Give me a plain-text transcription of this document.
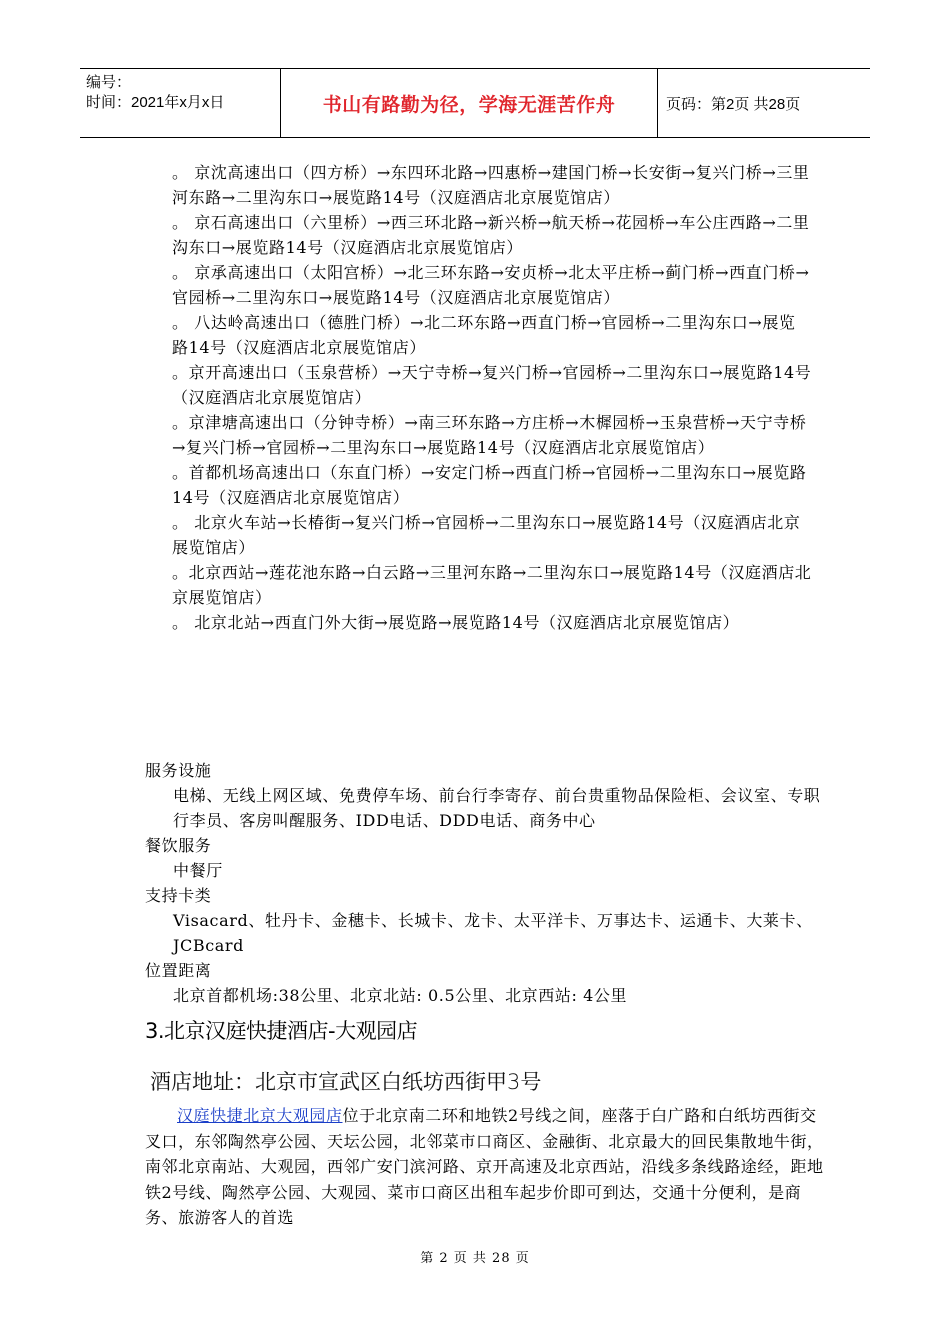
编号：
时间：2021年x月x日	书山有路勤为径，学海无涯苦作舟	页码：第2页 共28页

。 京沈高速出口（四方桥）→东四环北路→四惠桥→建国门桥→长安街→复兴门桥→三里河东路→二里沟东口→展览路14号（汉庭酒店北京展览馆店）

。 京石高速出口（六里桥）→西三环北路→新兴桥→航天桥→花园桥→车公庄西路→二里沟东口→展览路14号（汉庭酒店北京展览馆店）

。 京承高速出口（太阳宫桥）→北三环东路→安贞桥→北太平庄桥→蓟门桥→西直门桥→官园桥→二里沟东口→展览路14号（汉庭酒店北京展览馆店）

。 八达岭高速出口（德胜门桥）→北二环东路→西直门桥→官园桥→二里沟东口→展览路14号（汉庭酒店北京展览馆店）

。京开高速出口（玉泉营桥）→天宁寺桥→复兴门桥→官园桥→二里沟东口→展览路14号（汉庭酒店北京展览馆店）

。京津塘高速出口（分钟寺桥）→南三环东路→方庄桥→木樨园桥→玉泉营桥→天宁寺桥→复兴门桥→官园桥→二里沟东口→展览路14号（汉庭酒店北京展览馆店）

。首都机场高速出口（东直门桥）→安定门桥→西直门桥→官园桥→二里沟东口→展览路14号（汉庭酒店北京展览馆店）

。 北京火车站→长椿街→复兴门桥→官园桥→二里沟东口→展览路14号（汉庭酒店北京展览馆店）

。北京西站→莲花池东路→白云路→三里河东路→二里沟东口→展览路14号（汉庭酒店北京展览馆店）

。 北京北站→西直门外大街→展览路→展览路14号（汉庭酒店北京展览馆店）

服务设施

电梯、无线上网区域、免费停车场、前台行李寄存、前台贵重物品保险柜、会议室、专职行李员、客房叫醒服务、IDD电话、DDD电话、商务中心

餐饮服务

中餐厅

支持卡类

Visacard、牡丹卡、金穗卡、长城卡、龙卡、太平洋卡、万事达卡、运通卡、大莱卡、JCBcard

位置距离

北京首都机场:38公里、北京北站: 0.5公里、北京西站: 4公里

3.北京汉庭快捷酒店-大观园店
酒店地址：北京市宣武区白纸坊西街甲3号

汉庭快捷北京大观园店位于北京南二环和地铁2号线之间，座落于白广路和白纸坊西街交叉口，东邻陶然亭公园、天坛公园，北邻菜市口商区、金融街、北京最大的回民集散地牛街，南邻北京南站、大观园，西邻广安门滨河路、京开高速及北京西站，沿线多条线路途经，距地铁2号线、陶然亭公园、大观园、菜市口商区出租车起步价即可到达，交通十分便利，是商务、旅游客人的首选

第 2 页 共 28 页
